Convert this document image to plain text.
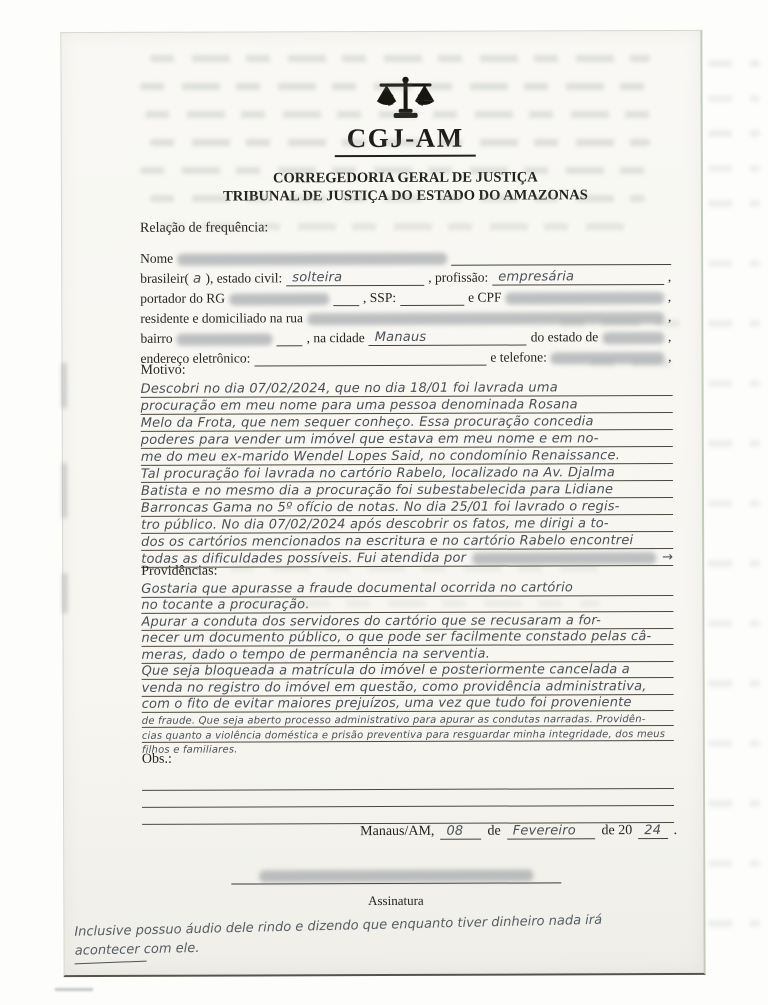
CGJ-AM
CORREGEDORIA GERAL DE JUSTIÇA
TRIBUNAL DE JUSTIÇA DO ESTADO DO AMAZONAS
Relação de frequência:
Nome
brasileir( a ), estado civil: solteira	, profissão: empresária	,
portador do RG	, SSP:	e CPF	,
residente e domiciliado na rua	,
bairro	, na cidade Manaus	do estado de	,
endereço eletrônico:	e telefone:	,
Motivo:
Descobri no dia 07/02/2024, que no dia 18/01 foi lavrada uma
procuração em meu nome para uma pessoa denominada Rosana
Melo da Frota, que nem sequer conheço. Essa procuração concedia
poderes para vender um imóvel que estava em meu nome e em no-
me do meu ex-marido Wendel Lopes Said, no condomínio Renaissance.
Tal procuração foi lavrada no cartório Rabelo, localizado na Av. Djalma
Batista e no mesmo dia a procuração foi subestabelecida para Lidiane
Barroncas Gama no 5º ofício de notas. No dia 25/01 foi lavrado o regis-
tro público. No dia 07/02/2024 após descobrir os fatos, me dirigi a to-
dos os cartórios mencionados na escritura e no cartório Rabelo encontrei
todas as dificuldades possíveis. Fui atendida por	→
Providências:
Gostaria que apurasse a fraude documental ocorrida no cartório
no tocante a procuração.
Apurar a conduta dos servidores do cartório que se recusaram a for-
necer um documento público, o que pode ser facilmente constado pelas câ-
meras, dado o tempo de permanência na serventia.
Que seja bloqueada a matrícula do imóvel e posteriormente cancelada a
venda no registro do imóvel em questão, como providência administrativa,
com o fito de evitar maiores prejuízos, uma vez que tudo foi proveniente
de fraude. Que seja aberto processo administrativo para apurar as condutas narradas. Providên-
cias quanto a violência doméstica e prisão preventiva para resguardar minha integridade, dos meus
filhos e familiares.
Obs.:
Manaus/AM, 08 de Fevereiro de 20 24 .
Assinatura
Inclusive possuo áudio dele rindo e dizendo que enquanto tiver dinheiro nada irá
acontecer com ele.
